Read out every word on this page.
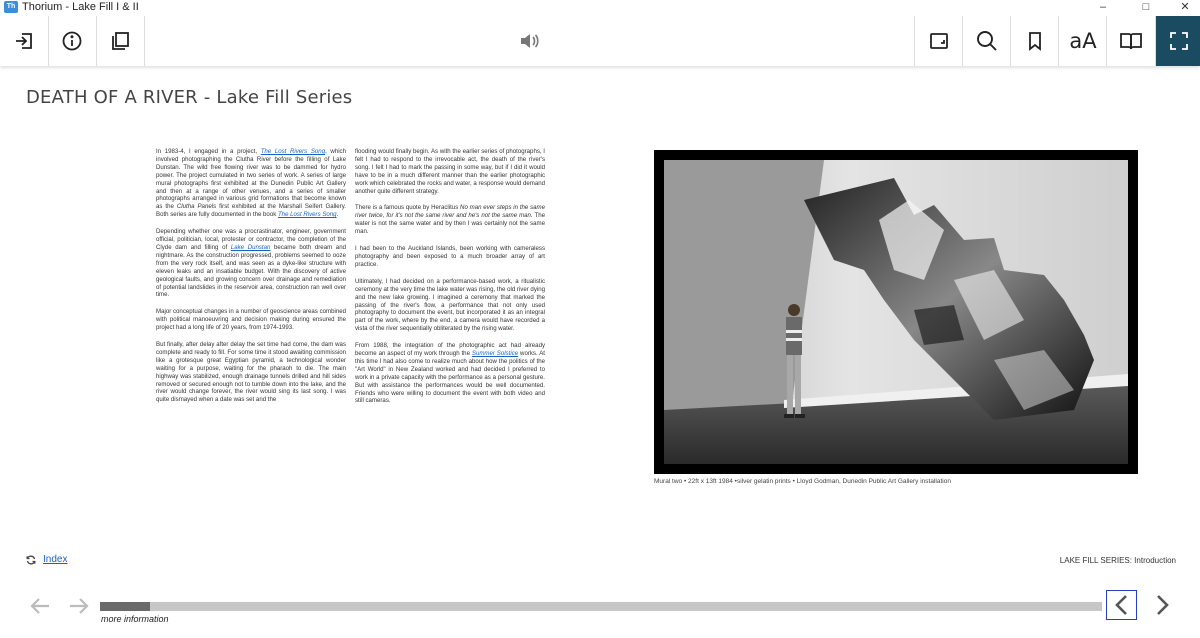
Th Thorium - Lake Fill I & II	–	□	✕
aA
DEATH OF A RIVER - Lake Fill Series

In 1983-4, I engaged in a project, The Lost Rivers Song, which involved photographing the Clutha River before the filling of Lake Dunstan. The wild free flowing river was to be dammed for hydro power. The project cumulated in two series of work. A series of large mural photographs first exhibited at the Dunedin Public Art Gallery and then at a range of other venues, and a series of smaller photographs arranged in various grid formations that become known as the Clutha Panels first exhibited at the Marshall Seifert Gallery. Both series are fully documented in the book The Lost Rivers Song.

Depending whether one was a procrastinator, engineer, government official, politician, local, protester or contractor, the completion of the Clyde dam and filling of Lake Dunstan became both dream and nightmare. As the construction progressed, problems seemed to ooze from the very rock itself, and was seen as a dyke-like structure with eleven leaks and an insatiable budget. With the discovery of active geological faults, and growing concern over drainage and remediation of potential landslides in the reservoir area, construction ran well over time.

Major conceptual changes in a number of geoscience areas combined with political manoeuvring and decision making during ensured the project had a long life of 20 years, from 1974-1993.

But finally, after delay after delay the set time had come, the dam was complete and ready to fill. For some time it stood awaiting commission like a grotesque great Egyptian pyramid, a technological wonder waiting for a purpose, waiting for the pharaoh to die. The main highway was stabilized, enough drainage tunnels drilled and hill sides removed or secured enough not to tumble down into the lake, and the river would change forever, the river would sing its last song. I was quite dismayed when a date was set and the

flooding would finally begin. As with the earlier series of photographs, I felt I had to respond to the irrevocable act, the death of the river's song. I felt I had to mark the passing in some way, but if I did it would have to be in a much different manner than the earlier photographic work which celebrated the rocks and water, a response would demand another quite different strategy.

There is a famous quote by Heraclitus No man ever steps in the same river twice, for it's not the same river and he's not the same man. The water is not the same water and by then I was certainly not the same man.

I had been to the Auckland Islands, been working with cameraless photography and been exposed to a much broader array of art practice.

Ultimately, I had decided on a performance-based work, a ritualistic ceremony at the very time the lake water was rising, the old river dying and the new lake growing. I imagined a ceremony that marked the passing of the river's flow, a performance that not only used photography to document the event, but incorporated it as an integral part of the work, where by the end, a camera would have recorded a vista of the river sequentially obliterated by the rising water.

From 1988, the integration of the photographic act had already become an aspect of my work through the Summer Solstice works. At this time I had also come to realize much about how the politics of the "Art World" in New Zealand worked and had decided I preferred to work in a private capacity with the performance as a personal gesture. But with assistance the performances would be well documented. Friends who were willing to document the event with both video and still cameras.

Mural two • 22ft x 13ft 1984 •silver gelatin prints • Lloyd Godman, Dunedin Public Art Gallery installation
Index	LAKE FILL SERIES: Introduction
more information
